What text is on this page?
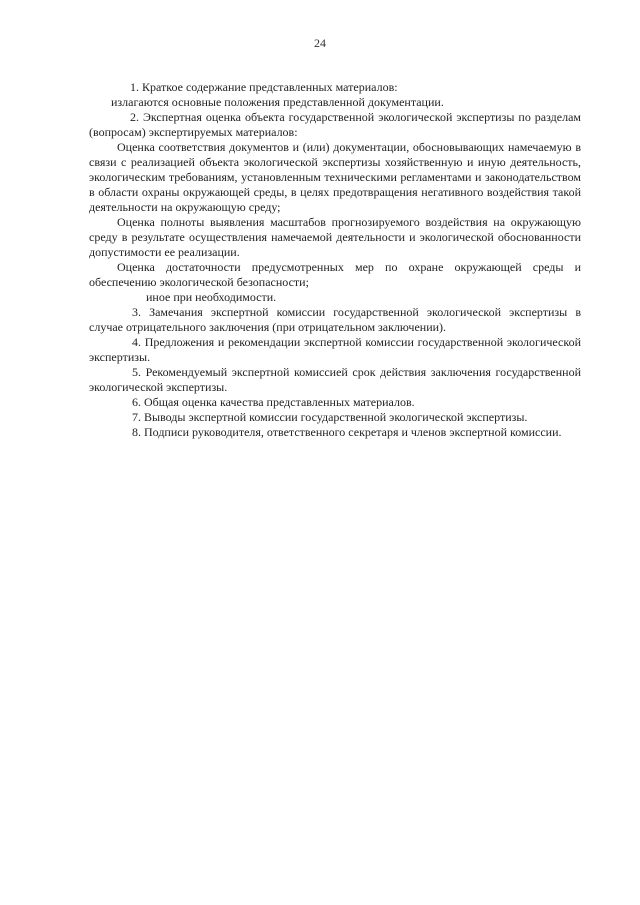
24

1. Краткое содержание представленных материалов:

излагаются основные положения представленной документации.

2. Экспертная оценка объекта государственной экологической экспертизы по разделам (вопросам) экспертируемых материалов:

Оценка соответствия документов и (или) документации, обосновывающих намечаемую в связи с реализацией объекта экологической экспертизы хозяйственную и иную деятельность, экологическим требованиям, установленным техническими регламентами и законодательством в области охраны окружающей среды, в целях предотвращения негативного воздействия такой деятельности на окружающую среду;

Оценка полноты выявления масштабов прогнозируемого воздействия на окружающую среду в результате осуществления намечаемой деятельности и экологической обоснованности допустимости ее реализации.

Оценка достаточности предусмотренных мер по охране окружающей среды и обеспечению экологической безопасности;

иное при необходимости.

3. Замечания экспертной комиссии государственной экологической экспертизы в случае отрицательного заключения (при отрицательном заключении).

4. Предложения и рекомендации экспертной комиссии государственной экологической экспертизы.

5. Рекомендуемый экспертной комиссией срок действия заключения государственной экологической экспертизы.

6. Общая оценка качества представленных материалов.

7. Выводы экспертной комиссии государственной экологической экспертизы.

8. Подписи руководителя, ответственного секретаря и членов экспертной комиссии.
